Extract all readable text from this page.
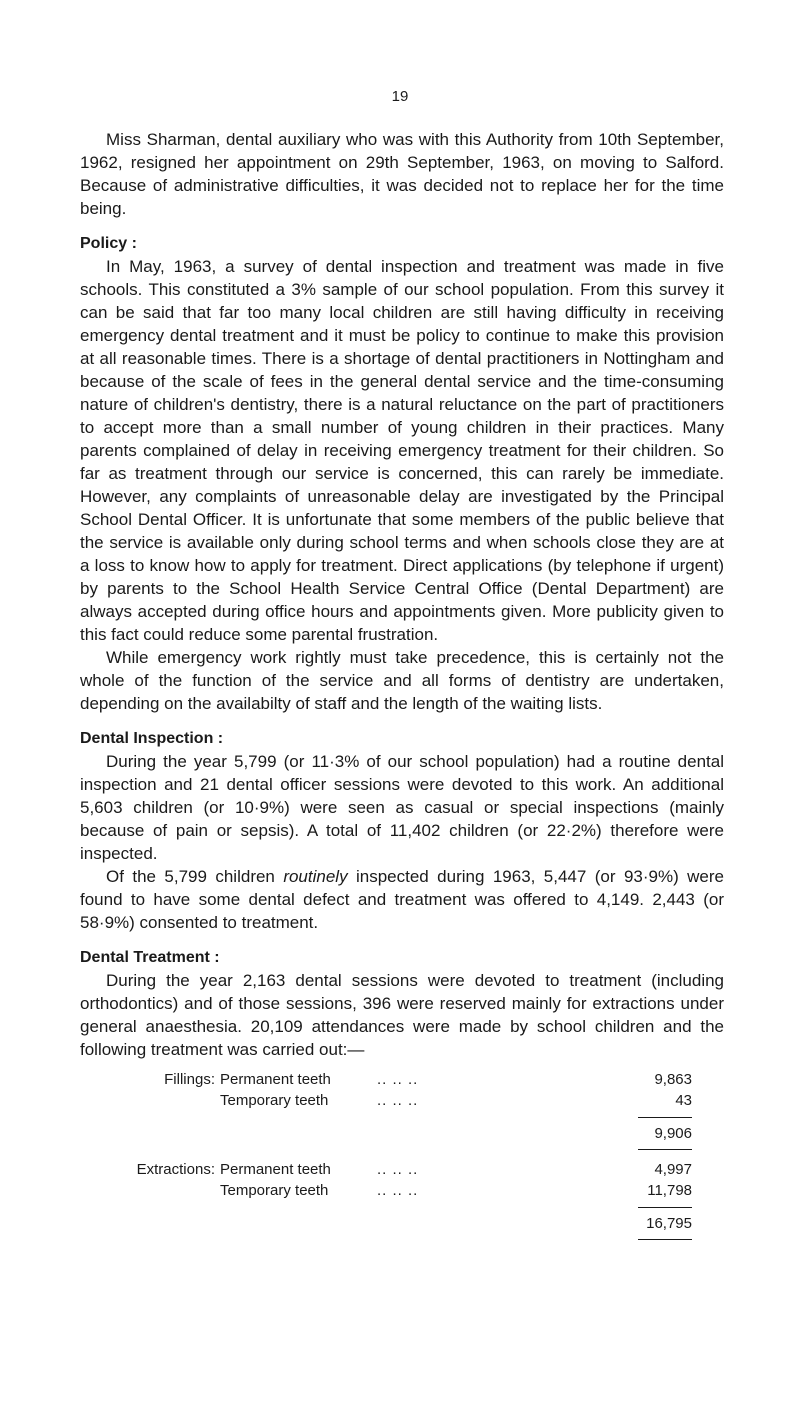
19

Miss Sharman, dental auxiliary who was with this Authority from 10th September, 1962, resigned her appointment on 29th September, 1963, on moving to Salford. Because of administrative difficulties, it was decided not to replace her for the time being.

Policy :

In May, 1963, a survey of dental inspection and treatment was made in five schools. This constituted a 3% sample of our school population. From this survey it can be said that far too many local children are still having difficulty in receiving emergency dental treatment and it must be policy to continue to make this provision at all reasonable times. There is a shortage of dental practitioners in Nottingham and because of the scale of fees in the general dental service and the time-consuming nature of children's dentistry, there is a natural reluctance on the part of practitioners to accept more than a small number of young children in their practices. Many parents complained of delay in receiving emergency treatment for their children. So far as treatment through our service is concerned, this can rarely be immediate. However, any complaints of unreasonable delay are investigated by the Principal School Dental Officer. It is unfortunate that some members of the public believe that the service is available only during school terms and when schools close they are at a loss to know how to apply for treatment. Direct applications (by telephone if urgent) by parents to the School Health Service Central Office (Dental Department) are always accepted during office hours and appointments given. More publicity given to this fact could reduce some parental frustration.

While emergency work rightly must take precedence, this is certainly not the whole of the function of the service and all forms of dentistry are undertaken, depending on the availabilty of staff and the length of the waiting lists.

Dental Inspection :

During the year 5,799 (or 11·3% of our school population) had a routine dental inspection and 21 dental officer sessions were devoted to this work. An additional 5,603 children (or 10·9%) were seen as casual or special inspections (mainly because of pain or sepsis). A total of 11,402 children (or 22·2%) therefore were inspected.

Of the 5,799 children routinely inspected during 1963, 5,447 (or 93·9%) were found to have some dental defect and treatment was offered to 4,149. 2,443 (or 58·9%) consented to treatment.

Dental Treatment :

During the year 2,163 dental sessions were devoted to treatment (including orthodontics) and of those sessions, 396 were reserved mainly for extractions under general anaesthesia. 20,109 attendances were made by school children and the following treatment was carried out:—

Fillings: Permanent teeth	.. .. ..	9,863
Temporary teeth	.. .. ..	43
9,906
Extractions: Permanent teeth	.. .. ..	4,997
Temporary teeth	.. .. ..	11,798
16,795
